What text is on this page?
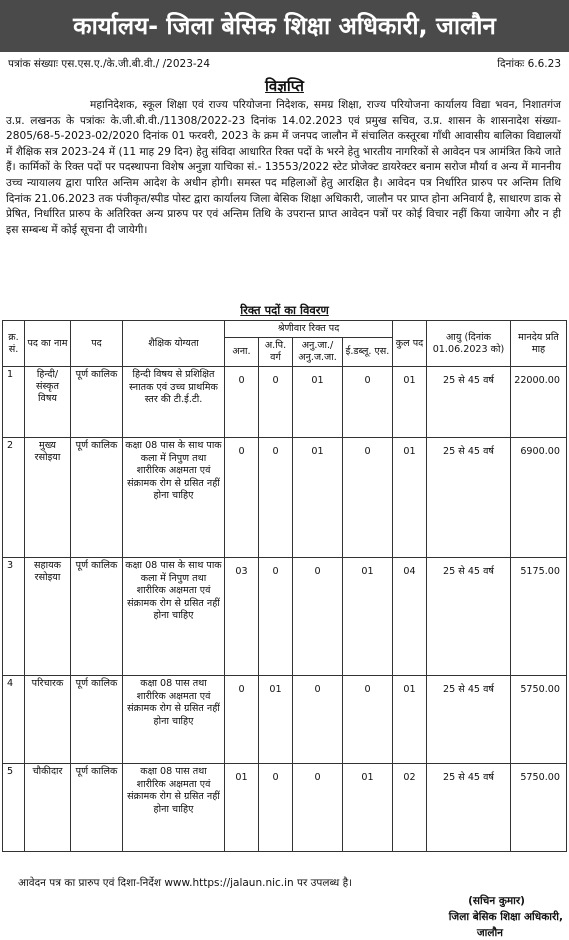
कार्यालय- जिला बेसिक शिक्षा अधिकारी, जालौन
पत्रांक संख्याः एस.एस.ए./के.जी.बी.वी./ /2023-24	दिनांकः 6.6.23
विज्ञप्ति

महानिदेशक, स्कूल शिक्षा एवं राज्य परियोजना निदेशक, समग्र शिक्षा, राज्य परियोजना कार्यालय विद्या भवन, निशातगंज उ.प्र. लखनऊ के पत्रांकः के.जी.बी.वी./11308/2022-23 दिनांक 14.02.2023 एवं प्रमुख सचिव, उ.प्र. शासन के शासनादेश संख्या- 2805/68-5-2023-02/2020 दिनांक 01 फरवरी, 2023 के क्रम में जनपद जालौन में संचालित कस्तूरबा गाँधी आवासीय बालिका विद्यालयों में शैक्षिक सत्र 2023-24 में (11 माह 29 दिन) हेतु संविदा आधारित रिक्त पदों के भरने हेतु भारतीय नागरिकों से आवेदन पत्र आमंत्रित किये जाते हैं। कार्मिकों के रिक्त पदों पर पदस्थापना विशेष अनुज्ञा याचिका सं.- 13553/2022 स्टेट प्रोजेक्ट डायरेक्टर बनाम सरोज मौर्या व अन्य में माननीय उच्च न्यायालय द्वारा पारित अन्तिम आदेश के अधीन होगी। समस्त पद महिलाओं हेतु आरक्षित है। आवेदन पत्र निर्धारित प्रारुप पर अन्तिम तिथि दिनांक 21.06.2023 तक पंजीकृत/स्पीड पोस्ट द्वारा कार्यालय जिला बेसिक शिक्षा अधिकारी, जालौन पर प्राप्त होना अनिवार्य है, साधारण डाक से प्रेषित, निर्धारित प्रारुप के अतिरिक्त अन्य प्रारुप पर एवं अन्तिम तिथि के उपरान्त प्राप्त आवेदन पत्रों पर कोई विचार नहीं किया जायेगा और न ही इस सम्बन्ध में कोई सूचना दी जायेगी।

रिक्त पदों का विवरण
क्र. सं.	पद का नाम	पद	शैक्षिक योग्यता	श्रेणीवार रिक्त पद				कुल पद	आयु (दिनांक 01.06.2023 को)	मानदेय प्रति माह
				अना.	अ.पि. वर्ग	अनु.जा./ अनु.ज.जा.	ई.डब्लू. एस.			
1	हिन्दी/ संस्कृत विषय	पूर्ण कालिक	हिन्दी विषय से प्रशिक्षित स्नातक एवं उच्च प्राथमिक स्तर की टी.ई.टी.	0	0	01	0	01	25 से 45 वर्ष	22000.00
2	मुख्य रसोइया	पूर्ण कालिक	कक्षा 08 पास के साथ पाक कला में निपुण तथा शारीरिक अक्षमता एवं संक्रामक रोग से ग्रसित नहीं होना चाहिए	0	0	01	0	01	25 से 45 वर्ष	6900.00
3	सहायक रसोइया	पूर्ण कालिक	कक्षा 08 पास के साथ पाक कला में निपुण तथा शारीरिक अक्षमता एवं संक्रामक रोग से ग्रसित नहीं होना चाहिए	03	0	0	01	04	25 से 45 वर्ष	5175.00
4	परिचारक	पूर्ण कालिक	कक्षा 08 पास तथा शारीरिक अक्षमता एवं संक्रामक रोग से ग्रसित नहीं होना चाहिए	0	01	0	0	01	25 से 45 वर्ष	5750.00
5	चौकीदार	पूर्ण कालिक	कक्षा 08 पास तथा शारीरिक अक्षमता एवं संक्रामक रोग से ग्रसित नहीं होना चाहिए	01	0	0	01	02	25 से 45 वर्ष	5750.00
आवेदन पत्र का प्रारुप एवं दिशा-निर्देश www.https://jalaun.nic.in पर उपलब्ध है।
(सचिन कुमार)
जिला बेसिक शिक्षा अधिकारी,
जालौन
